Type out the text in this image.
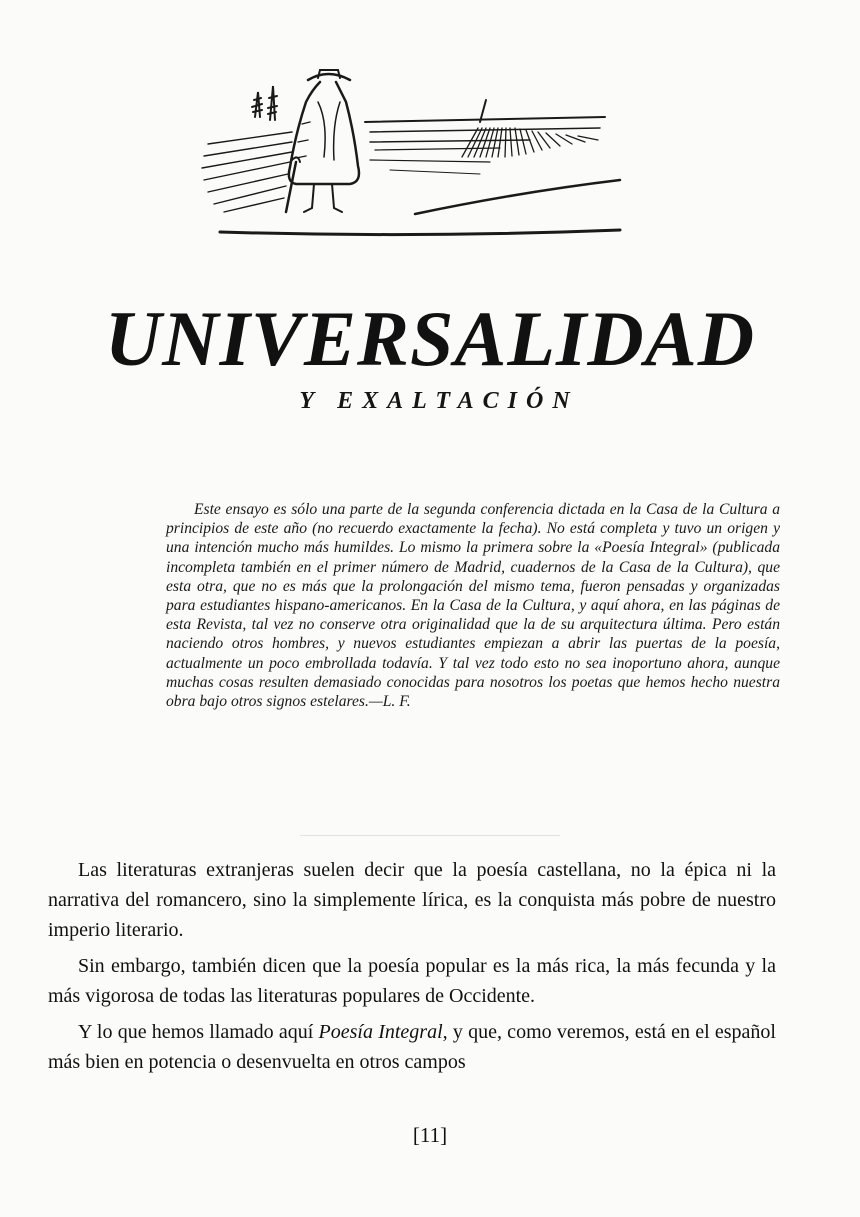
UNIVERSALIDAD
Y EXALTACIÓN

Este ensayo es sólo una parte de la segunda conferencia dictada en la Casa de la Cultura a principios de este año (no recuerdo exactamente la fecha). No está completa y tuvo un origen y una intención mucho más humildes. Lo mismo la primera sobre la «Poesía Integral» (publicada incompleta también en el primer número de Madrid, cuadernos de la Casa de la Cultura), que esta otra, que no es más que la prolongación del mismo tema, fueron pensadas y organizadas para estudiantes hispano-americanos. En la Casa de la Cultura, y aquí ahora, en las páginas de esta Revista, tal vez no conserve otra originalidad que la de su arquitectura última. Pero están naciendo otros hombres, y nuevos estudiantes empiezan a abrir las puertas de la poesía, actualmente un poco embrollada todavía. Y tal vez todo esto no sea inoportuno ahora, aunque muchas cosas resulten demasiado conocidas para nosotros los poetas que hemos hecho nuestra obra bajo otros signos estelares.—L. F.

Las literaturas extranjeras suelen decir que la poesía castellana, no la épica ni la narrativa del romancero, sino la simplemente lírica, es la conquista más pobre de nuestro imperio literario.

Sin embargo, también dicen que la poesía popular es la más rica, la más fecunda y la más vigorosa de todas las literaturas populares de Occidente.

Y lo que hemos llamado aquí Poesía Integral, y que, como veremos, está en el español más bien en potencia o desenvuelta en otros campos

[11]
